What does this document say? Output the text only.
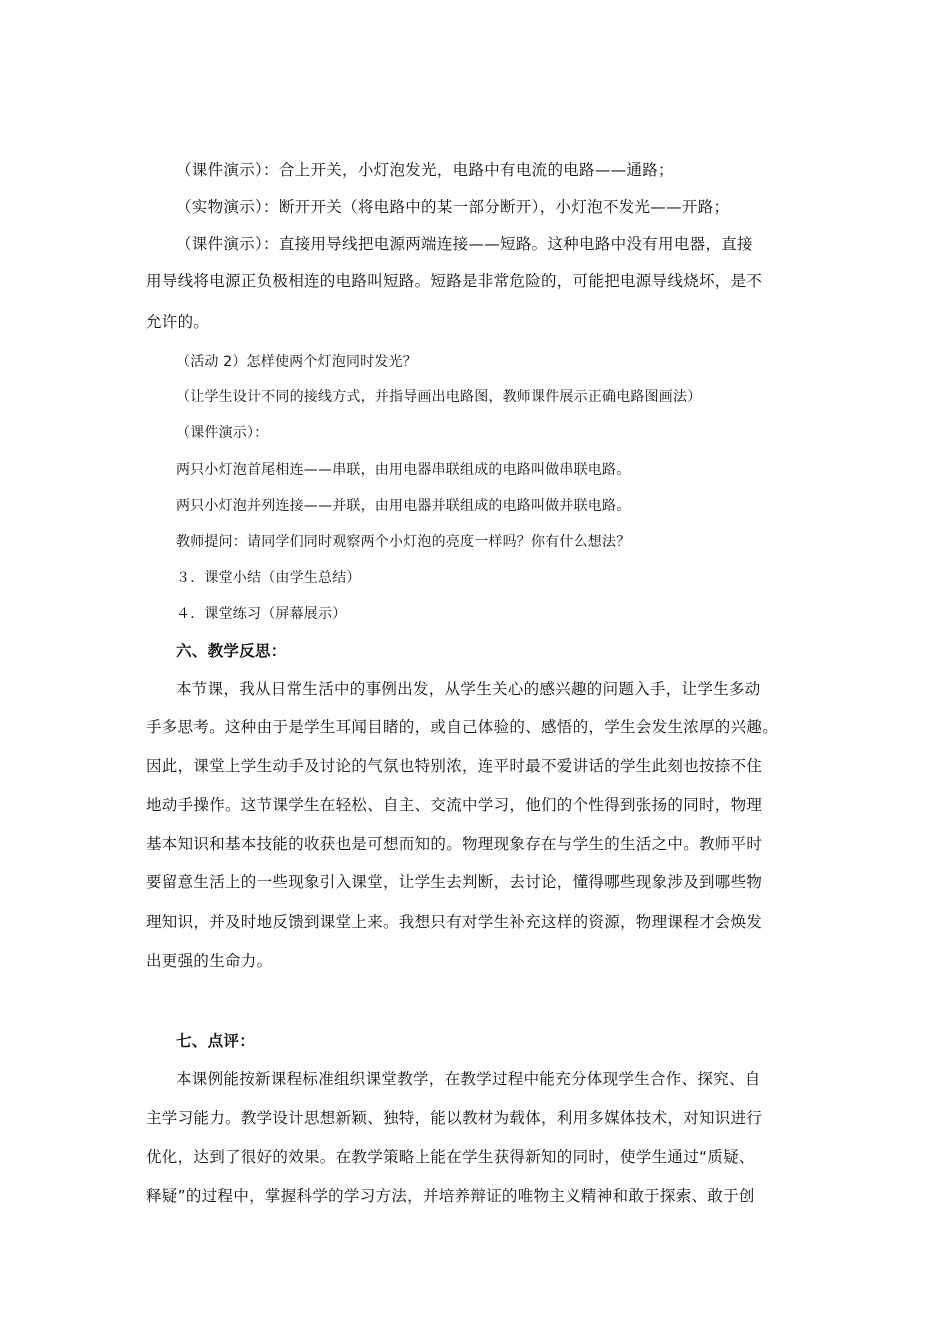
（课件演示）：合上开关，小灯泡发光，电路中有电流的电路——通路；
（实物演示）：断开开关（将电路中的某一部分断开），小灯泡不发光——开路；
（课件演示）：直接用导线把电源两端连接——短路。这种电路中没有用电器，直接
用导线将电源正负极相连的电路叫短路。短路是非常危险的，可能把电源导线烧坏，是不
允许的。
（活动 2）怎样使两个灯泡同时发光？
（让学生设计不同的接线方式，并指导画出电路图，教师课件展示正确电路图画法）
（课件演示）：
两只小灯泡首尾相连——串联，由用电器串联组成的电路叫做串联电路。
两只小灯泡并列连接——并联，由用电器并联组成的电路叫做并联电路。
教师提问：请同学们同时观察两个小灯泡的亮度一样吗？你有什么想法？
３．课堂小结（由学生总结）
４．课堂练习（屏幕展示）
六、教学反思：
本节课，我从日常生活中的事例出发，从学生关心的感兴趣的问题入手，让学生多动
手多思考。这种由于是学生耳闻目睹的，或自己体验的、感悟的，学生会发生浓厚的兴趣。
因此，课堂上学生动手及讨论的气氛也特别浓，连平时最不爱讲话的学生此刻也按捺不住
地动手操作。这节课学生在轻松、自主、交流中学习，他们的个性得到张扬的同时，物理
基本知识和基本技能的收获也是可想而知的。物理现象存在与学生的生活之中。教师平时
要留意生活上的一些现象引入课堂，让学生去判断，去讨论，懂得哪些现象涉及到哪些物
理知识，并及时地反馈到课堂上来。我想只有对学生补充这样的资源，物理课程才会焕发
出更强的生命力。
七、点评：
本课例能按新课程标准组织课堂教学，在教学过程中能充分体现学生合作、探究、自
主学习能力。教学设计思想新颖、独特，能以教材为载体，利用多媒体技术，对知识进行
优化，达到了很好的效果。在教学策略上能在学生获得新知的同时，使学生通过“质疑、
释疑”的过程中，掌握科学的学习方法，并培养辩证的唯物主义精神和敢于探索、敢于创
